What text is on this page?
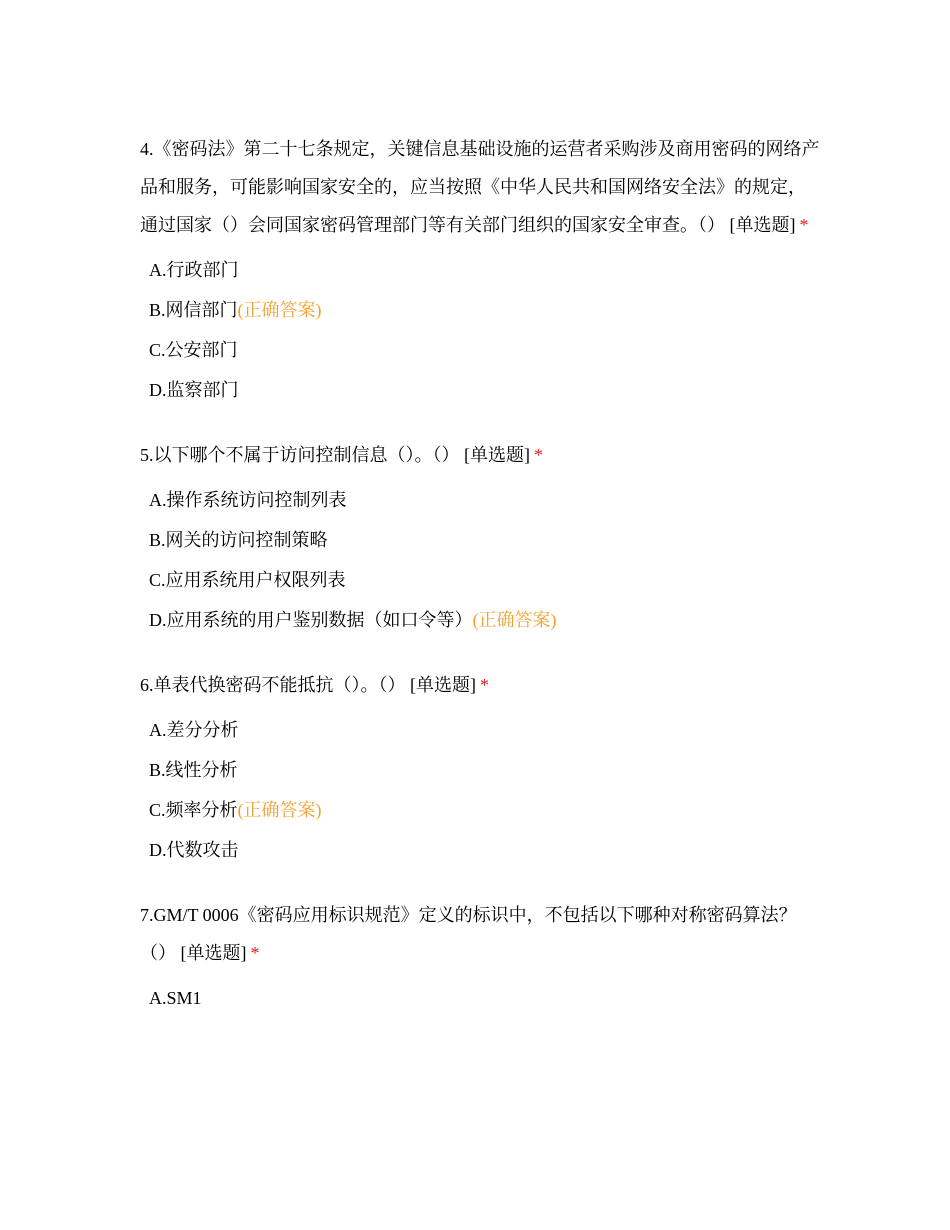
4.《密码法》第二十七条规定，关键信息基础设施的运营者采购涉及商用密码的网络产品和服务，可能影响国家安全的，应当按照《中华人民共和国网络安全法》的规定，通过国家（）会同国家密码管理部门等有关部门组织的国家安全审查。（） [单选题] *

A.行政部门
B.网信部门(正确答案)
C.公安部门
D.监察部门

5.以下哪个不属于访问控制信息（）。（） [单选题] *

A.操作系统访问控制列表
B.网关的访问控制策略
C.应用系统用户权限列表
D.应用系统的用户鉴别数据（如口令等）(正确答案)

6.单表代换密码不能抵抗（）。（） [单选题] *

A.差分分析
B.线性分析
C.频率分析(正确答案)
D.代数攻击

7.GM/T 0006《密码应用标识规范》定义的标识中，不包括以下哪种对称密码算法？（） [单选题] *

A.SM1
